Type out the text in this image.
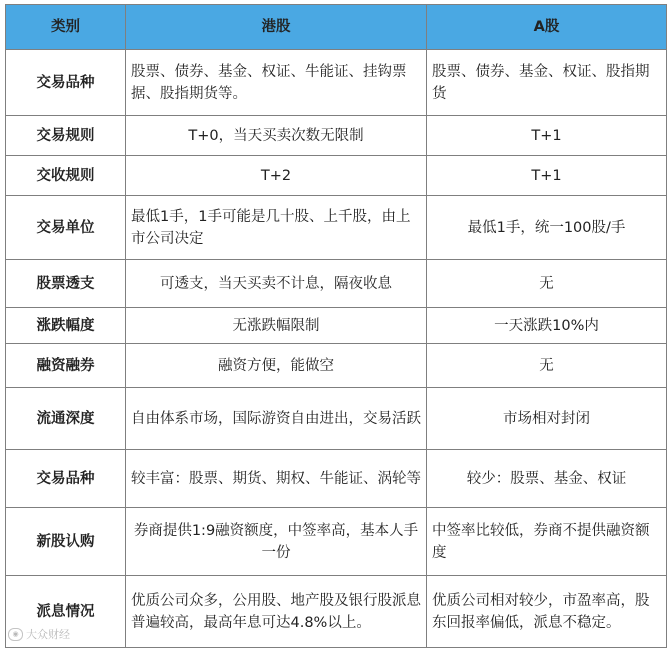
类别	港股	A股
交易品种	股票、债券、基金、权证、牛能证、挂钩票据、股指期货等。	股票、债券、基金、权证、股指期货
交易规则	T+0，当天买卖次数无限制	T+1
交收规则	T+2	T+1
交易单位	最低1手，1手可能是几十股、上千股，由上市公司决定	最低1手，统一100股/手
股票透支	可透支，当天买卖不计息，隔夜收息	无
涨跌幅度	无涨跌幅限制	一天涨跌10%内
融资融券	融资方便，能做空	无
流通深度	自由体系市场，国际游资自由进出，交易活跃	市场相对封闭
交易品种	较丰富：股票、期货、期权、牛能证、涡轮等	较少：股票、基金、权证
新股认购	券商提供1:9融资额度，中签率高，基本人手一份	中签率比较低，券商不提供融资额度
派息情况	优质公司众多，公用股、地产股及银行股派息普遍较高，最高年息可达4.8%以上。	优质公司相对较少，市盈率高，股东回报率偏低，派息不稳定。
◉ 大众财经
